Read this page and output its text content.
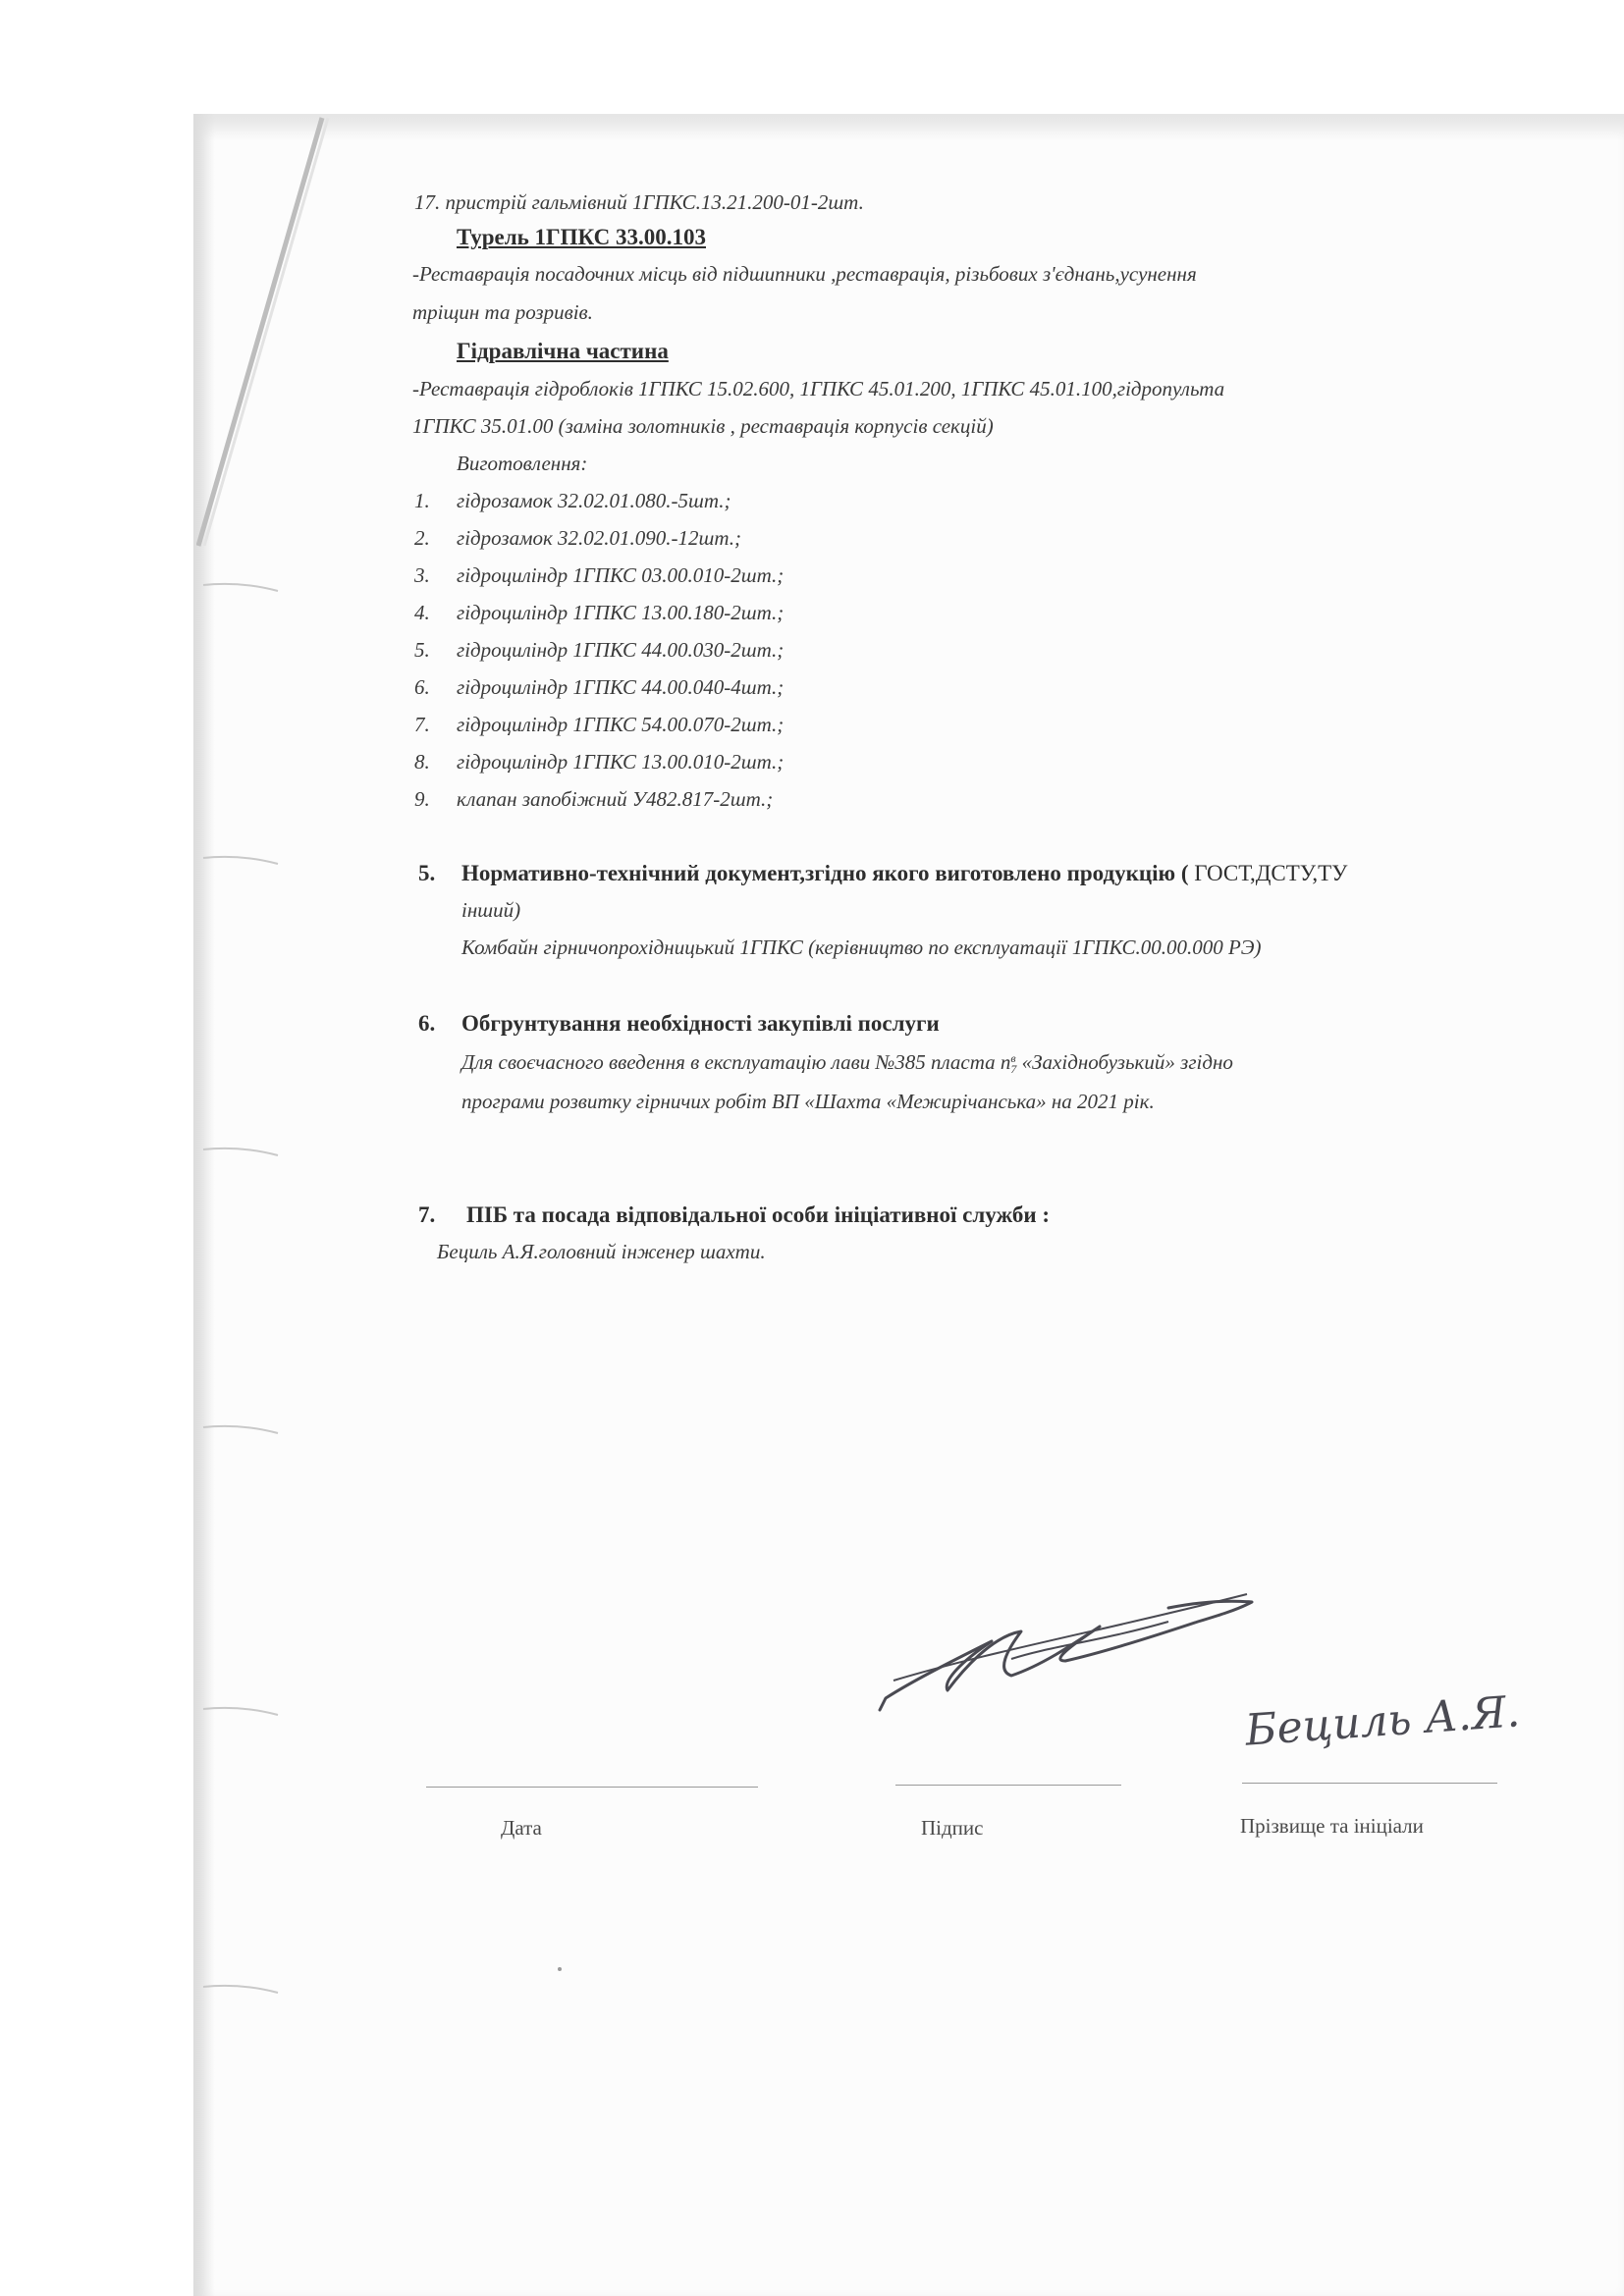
17. пристрій гальмівний 1ГПКС.13.21.200-01-2шт.
Турель 1ГПКС 33.00.103
-Реставрація посадочних місць від підшипники ,реставрація, різьбових з'єднань,усунення
тріщин та розривів.
Гідравлічна частина
-Реставрація гідроблоків 1ГПКС 15.02.600, 1ГПКС 45.01.200, 1ГПКС 45.01.100,гідропульта
1ГПКС 35.01.00 (заміна золотників , реставрація корпусів секцій)
Виготовлення:
1. гідрозамок 32.02.01.080.-5шт.;
2. гідрозамок 32.02.01.090.-12шт.;
3. гідроциліндр 1ГПКС 03.00.010-2шт.;
4. гідроциліндр 1ГПКС 13.00.180-2шт.;
5. гідроциліндр 1ГПКС 44.00.030-2шт.;
6. гідроциліндр 1ГПКС 44.00.040-4шт.;
7. гідроциліндр 1ГПКС 54.00.070-2шт.;
8. гідроциліндр 1ГПКС 13.00.010-2шт.;
9. клапан запобіжний У482.817-2шт.;
5. Нормативно-технічний документ,згідно якого виготовлено продукцію ( ГОСТ,ДСТУ,ТУ
інший)
Комбайн гірничопрохідницький 1ГПКС (керівництво по експлуатації 1ГПКС.00.00.000 РЭ)
6. Обгрунтування необхідності закупівлі послуги
Для своєчасного введення в експлуатацію лави №385 пласта n в
7 «Західнобузький» згідно
програми розвитку гірничих робіт ВП «Шахта «Межирічанська» на 2021 рік.
7. ПІБ та посада відповідальної особи ініціативної служби :
Бециль А.Я.головний інженер шахти.
Бециль А.Я.
Дата	Підпис	Прізвище та ініціали
